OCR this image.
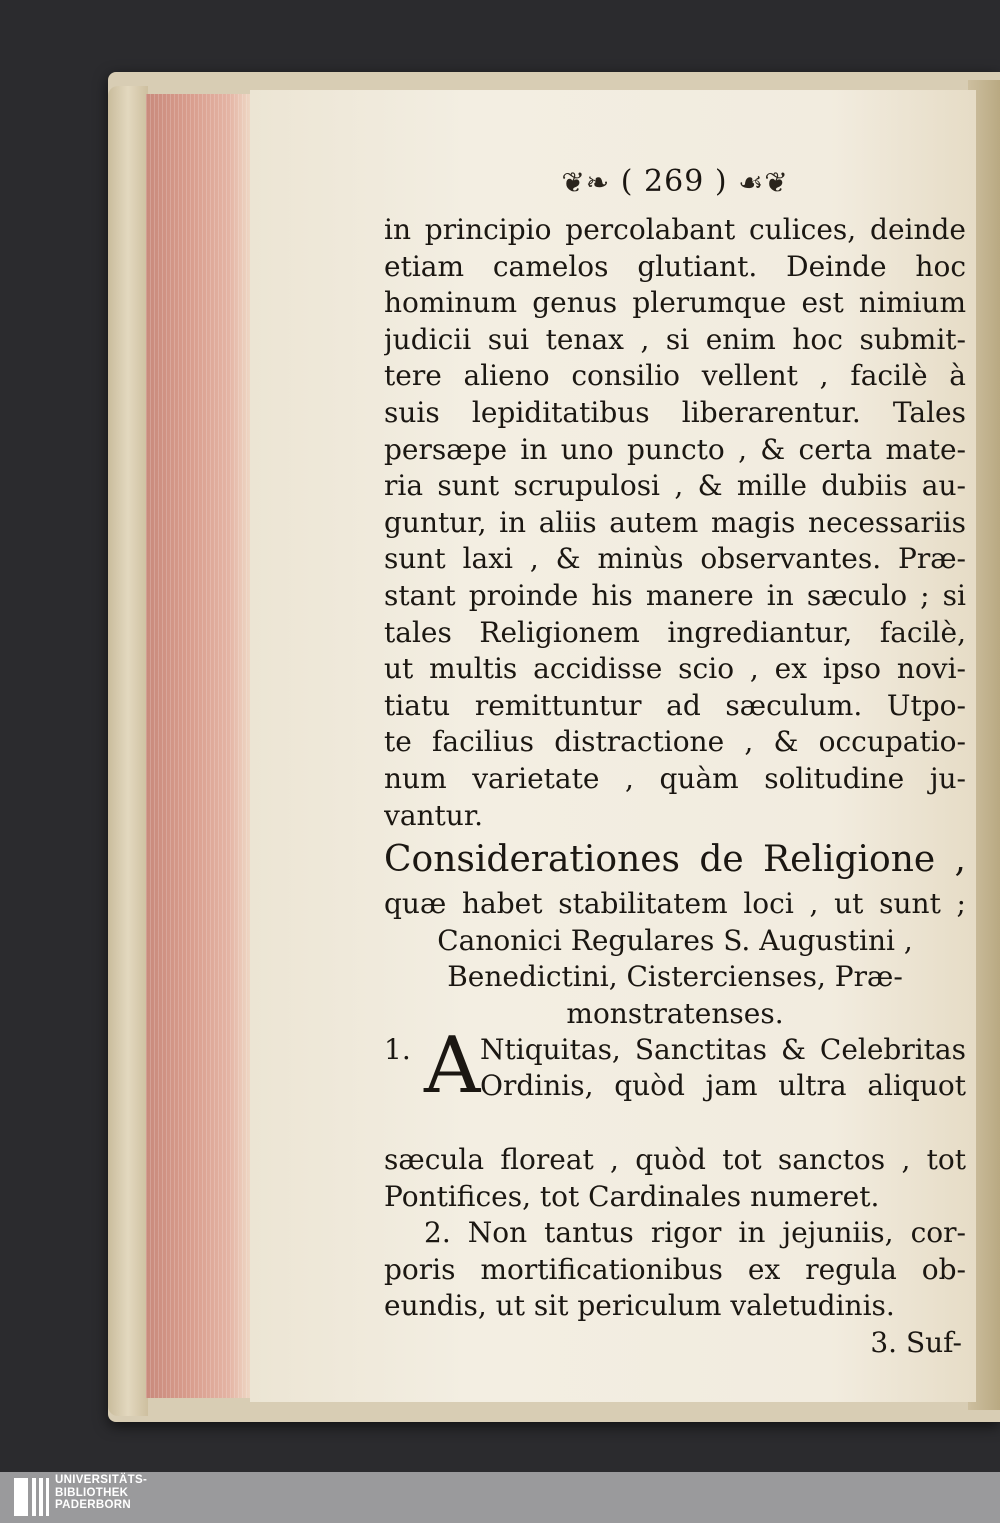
❦❧ ( 269 ) ☙❦
in principio percolabant culices, deinde
etiam camelos glutiant. Deinde hoc
hominum genus plerumque est nimium
judicii sui tenax , si enim hoc submit-
tere alieno consilio vellent , facilè à
suis lepiditatibus liberarentur. Tales
persæpe in uno puncto , & certa mate-
ria sunt scrupulosi , & mille dubiis au-
guntur, in aliis autem magis necessariis
sunt laxi , & minùs observantes. Præ-
stant proinde his manere in sæculo ; si
tales Religionem ingrediantur, facilè,
ut multis accidisse scio , ex ipso novi-
tiatu remittuntur ad sæculum. Utpo-
te facilius distractione , & occupatio-
num varietate , quàm solitudine ju-
vantur.
Considerationes de Religione ,
quæ habet stabilitatem loci , ut sunt ;
Canonici Regulares S. Augustini ,
Benedictini, Cistercienses, Præ-
monstratenses.
1. A Ntiquitas, Sanctitas & Celebritas
Ordinis, quòd jam ultra aliquot
sæcula floreat , quòd tot sanctos , tot
Pontifices, tot Cardinales numeret.
2. Non tantus rigor in jejuniis, cor-
poris mortificationibus ex regula ob-
eundis, ut sit periculum valetudinis.
3. Suf-
UNIVERSITÄTS-
BIBLIOTHEK
PADERBORN
